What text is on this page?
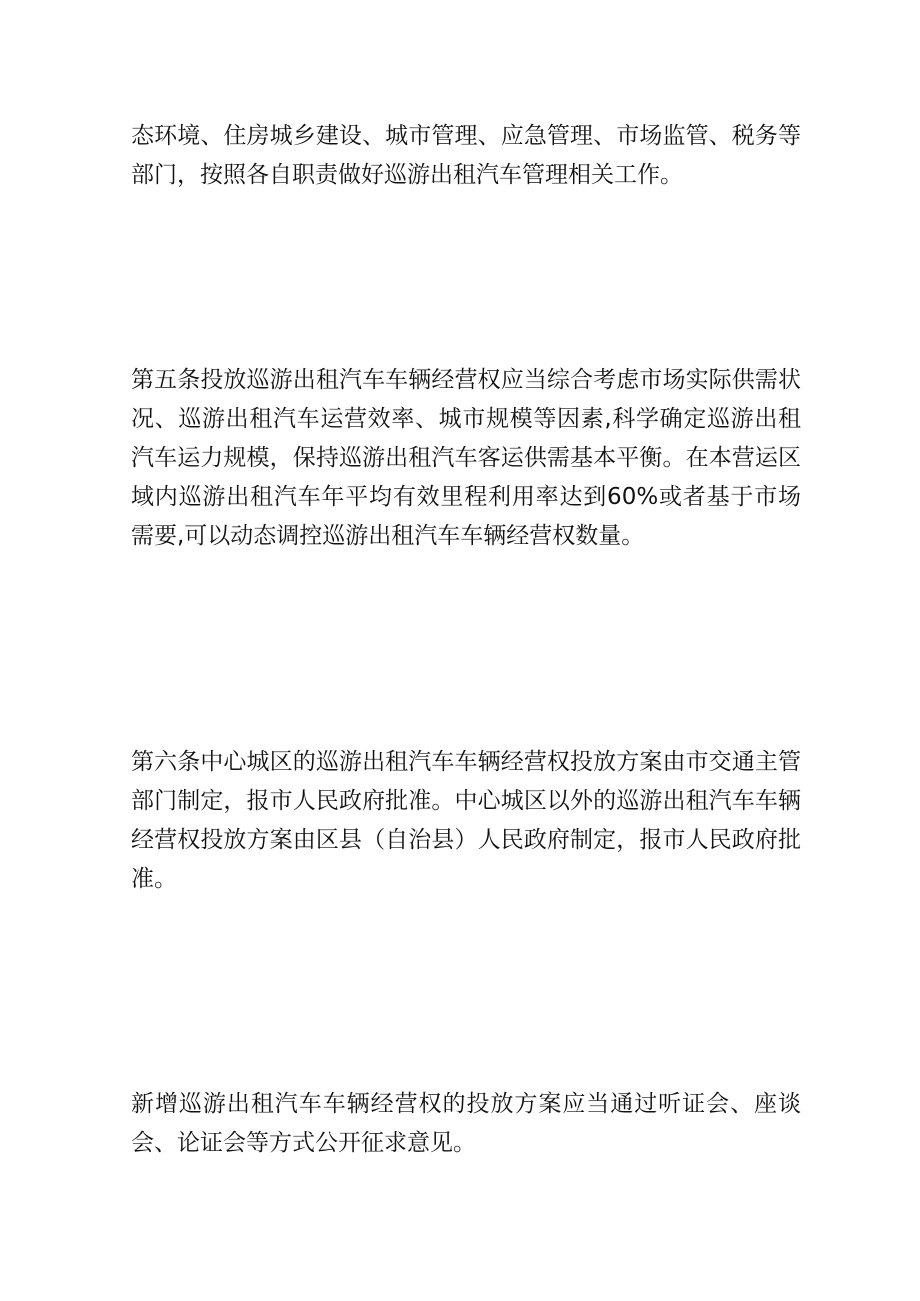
态环境、住房城乡建设、城市管理、应急管理、市场监管、税务等部门，按照各自职责做好巡游出租汽车管理相关工作。

第五条投放巡游出租汽车车辆经营权应当综合考虑市场实际供需状况、巡游出租汽车运营效率、城市规模等因素,科学确定巡游出租汽车运力规模，保持巡游出租汽车客运供需基本平衡。在本营运区域内巡游出租汽车年平均有效里程利用率达到60%或者基于市场需要,可以动态调控巡游出租汽车车辆经营权数量。

第六条中心城区的巡游出租汽车车辆经营权投放方案由市交通主管部门制定，报市人民政府批准。中心城区以外的巡游出租汽车车辆经营权投放方案由区县（自治县）人民政府制定，报市人民政府批准。

新增巡游出租汽车车辆经营权的投放方案应当通过听证会、座谈会、论证会等方式公开征求意见。
